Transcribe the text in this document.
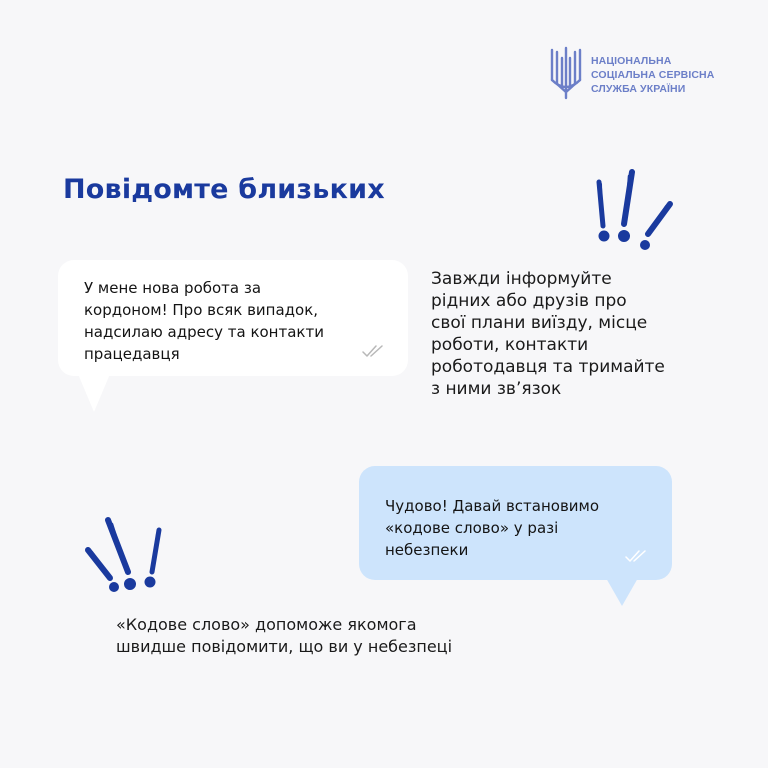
НАЦІОНАЛЬНА
СОЦІАЛЬНА СЕРВІСНА
СЛУЖБА УКРАЇНИ
Повідомте близьких
У мене нова робота за
кордоном! Про всяк випадок,
надсилаю адресу та контакти
працедавця
Завжди інформуйте
рідних або друзів про
свої плани виїзду, місце
роботи, контакти
роботодавця та тримайте
з ними зв’язок
Чудово! Давай встановимо
«кодове слово» у разі
небезпеки
«Кодове слово» допоможе якомога
швидше повідомити, що ви у небезпеці
